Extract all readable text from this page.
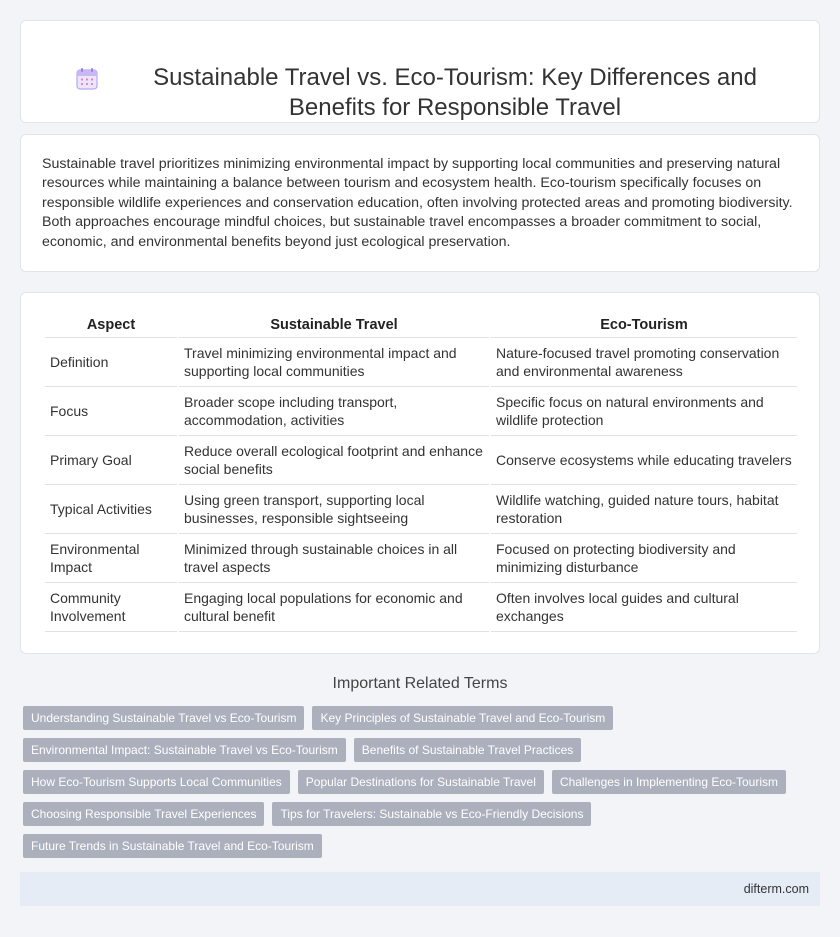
Sustainable Travel vs. Eco-Tourism: Key Differences and Benefits for Responsible Travel

Sustainable travel prioritizes minimizing environmental impact by supporting local communities and preserving natural resources while maintaining a balance between tourism and ecosystem health. Eco-tourism specifically focuses on responsible wildlife experiences and conservation education, often involving protected areas and promoting biodiversity. Both approaches encourage mindful choices, but sustainable travel encompasses a broader commitment to social, economic, and environmental benefits beyond just ecological preservation.

Aspect	Sustainable Travel	Eco-Tourism
Definition	Travel minimizing environmental impact and supporting local communities	Nature-focused travel promoting conservation and environmental awareness
Focus	Broader scope including transport, accommodation, activities	Specific focus on natural environments and wildlife protection
Primary Goal	Reduce overall ecological footprint and enhance social benefits	Conserve ecosystems while educating travelers
Typical Activities	Using green transport, supporting local businesses, responsible sightseeing	Wildlife watching, guided nature tours, habitat restoration
Environmental Impact	Minimized through sustainable choices in all travel aspects	Focused on protecting biodiversity and minimizing disturbance
Community Involvement	Engaging local populations for economic and cultural benefit	Often involves local guides and cultural exchanges
Important Related Terms
Understanding Sustainable Travel vs Eco-Tourism	Key Principles of Sustainable Travel and Eco-Tourism
Environmental Impact: Sustainable Travel vs Eco-Tourism	Benefits of Sustainable Travel Practices
How Eco-Tourism Supports Local Communities	Popular Destinations for Sustainable Travel	Challenges in Implementing Eco-Tourism
Choosing Responsible Travel Experiences	Tips for Travelers: Sustainable vs Eco-Friendly Decisions
Future Trends in Sustainable Travel and Eco-Tourism
difterm.com
